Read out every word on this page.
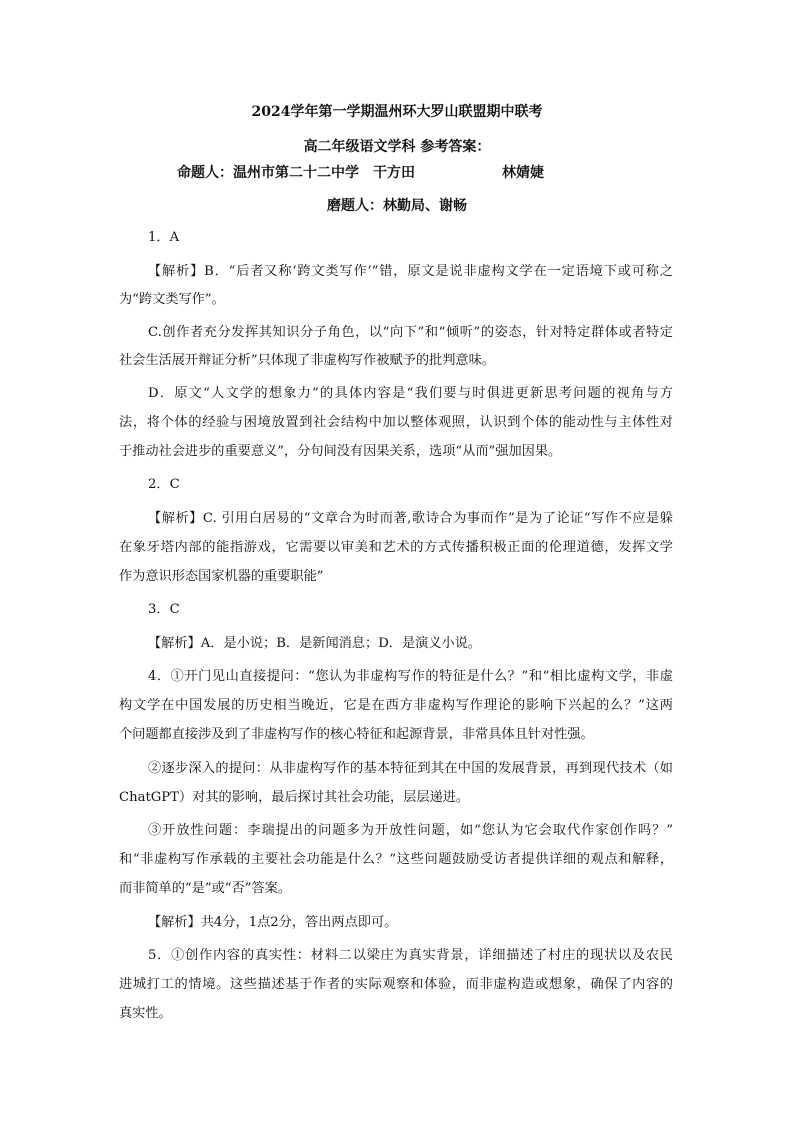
2024学年第一学期温州环大罗山联盟期中联考
高二年级语文学科 参考答案：
命题人：温州市第二十二中学　干方田	林婧婕
磨题人：林勤局、谢畅
1．A
【解析】B．“后者又称‘跨文类写作’”错，原文是说非虚构文学在一定语境下或可称之
为“跨文类写作”。
C.创作者充分发挥其知识分子角色，以“向下”和“倾听”的姿态，针对特定群体或者特定
社会生活展开辩证分析”只体现了非虚构写作被赋予的批判意味。
D．原文“人文学的想象力”的具体内容是“我们要与时俱进更新思考问题的视角与方
法，将个体的经验与困境放置到社会结构中加以整体观照，认识到个体的能动性与主体性对
于推动社会进步的重要意义”，分句间没有因果关系，选项“从而”强加因果。
2．C
【解析】C. 引用白居易的“文章合为时而著,歌诗合为事而作”是为了论证“写作不应是躲
在象牙塔内部的能指游戏，它需要以审美和艺术的方式传播积极正面的伦理道德，发挥文学
作为意识形态国家机器的重要职能”
3．C
【解析】A．是小说；B．是新闻消息；D．是演义小说。
4．①开门见山直接提问：“您认为非虚构写作的特征是什么？”和“相比虚构文学，非虚
构文学在中国发展的历史相当晚近，它是在西方非虚构写作理论的影响下兴起的么？”这两
个问题都直接涉及到了非虚构写作的核心特征和起源背景，非常具体且针对性强。
②逐步深入的提问：从非虚构写作的基本特征到其在中国的发展背景，再到现代技术（如
ChatGPT）对其的影响，最后探讨其社会功能，层层递进。
③开放性问题：李瑞提出的问题多为开放性问题，如“您认为它会取代作家创作吗？”
和“非虚构写作承载的主要社会功能是什么？”这些问题鼓励受访者提供详细的观点和解释，
而非简单的“是”或“否”答案。
【解析】共4分，1点2分，答出两点即可。
5．①创作内容的真实性：材料二以梁庄为真实背景，详细描述了村庄的现状以及农民
进城打工的情境。这些描述基于作者的实际观察和体验，而非虚构造或想象，确保了内容的
真实性。
